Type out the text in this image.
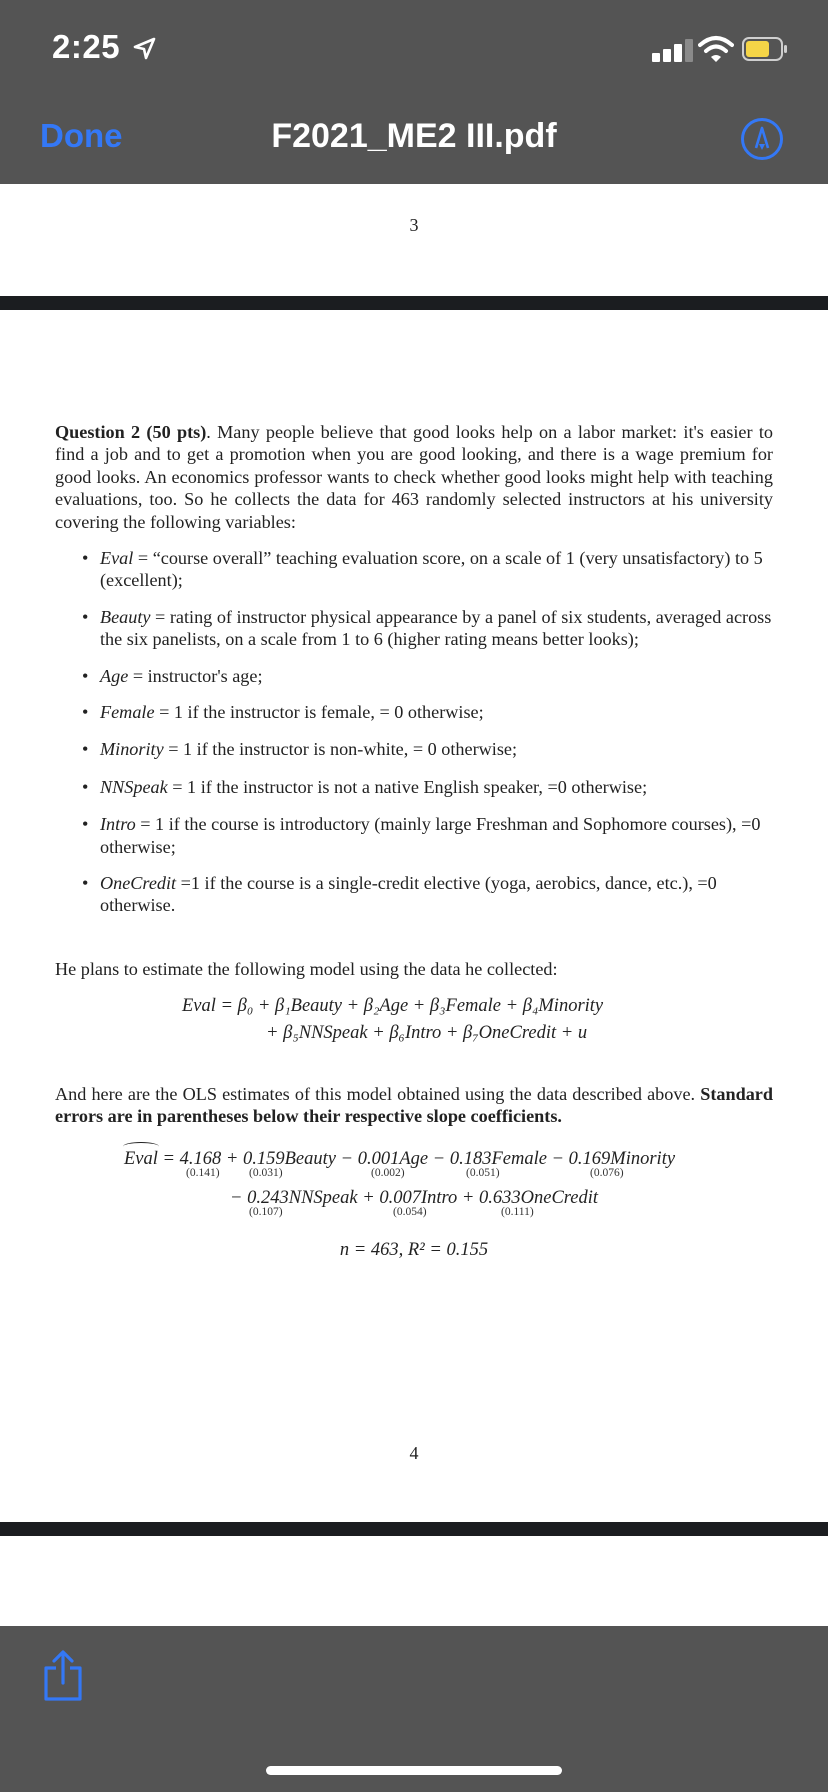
2:25
Done	F2021_ME2 III.pdf
3
Question 2 (50 pts). Many people believe that good looks help on a labor market: it's easier to find a job and to get a promotion when you are good looking, and there is a wage premium for good looks. An economics professor wants to check whether good looks might help with teaching evaluations, too. So he collects the data for 463 randomly selected instructors at his university covering the following variables:
• Eval = “course overall” teaching evaluation score, on a scale of 1 (very unsatisfactory) to 5 (excellent);
• Beauty = rating of instructor physical appearance by a panel of six students, averaged across the six panelists, on a scale from 1 to 6 (higher rating means better looks);
• Age = instructor's age;
• Female = 1 if the instructor is female, = 0 otherwise;
• Minority = 1 if the instructor is non-white, = 0 otherwise;
• NNSpeak = 1 if the instructor is not a native English speaker, =0 otherwise;
• Intro = 1 if the course is introductory (mainly large Freshman and Sophomore courses), =0 otherwise;
• OneCredit =1 if the course is a single-credit elective (yoga, aerobics, dance, etc.), =0 otherwise.
He plans to estimate the following model using the data he collected:
Eval = β₀ + β₁Beauty + β₂Age + β₃Female + β₄Minority
+ β₅NNSpeak + β₆Intro + β₇OneCredit + u
And here are the OLS estimates of this model obtained using the data described above. Standard errors are in parentheses below their respective slope coefficients.
Eval = 4.168 + 0.159Beauty − 0.001Age − 0.183Female − 0.169Minority
(0.141)	(0.031)	(0.002)	(0.051)	(0.076)
− 0.243NNSpeak + 0.007Intro + 0.633OneCredit
(0.107)	(0.054)	(0.111)
n = 463, R² = 0.155
4
